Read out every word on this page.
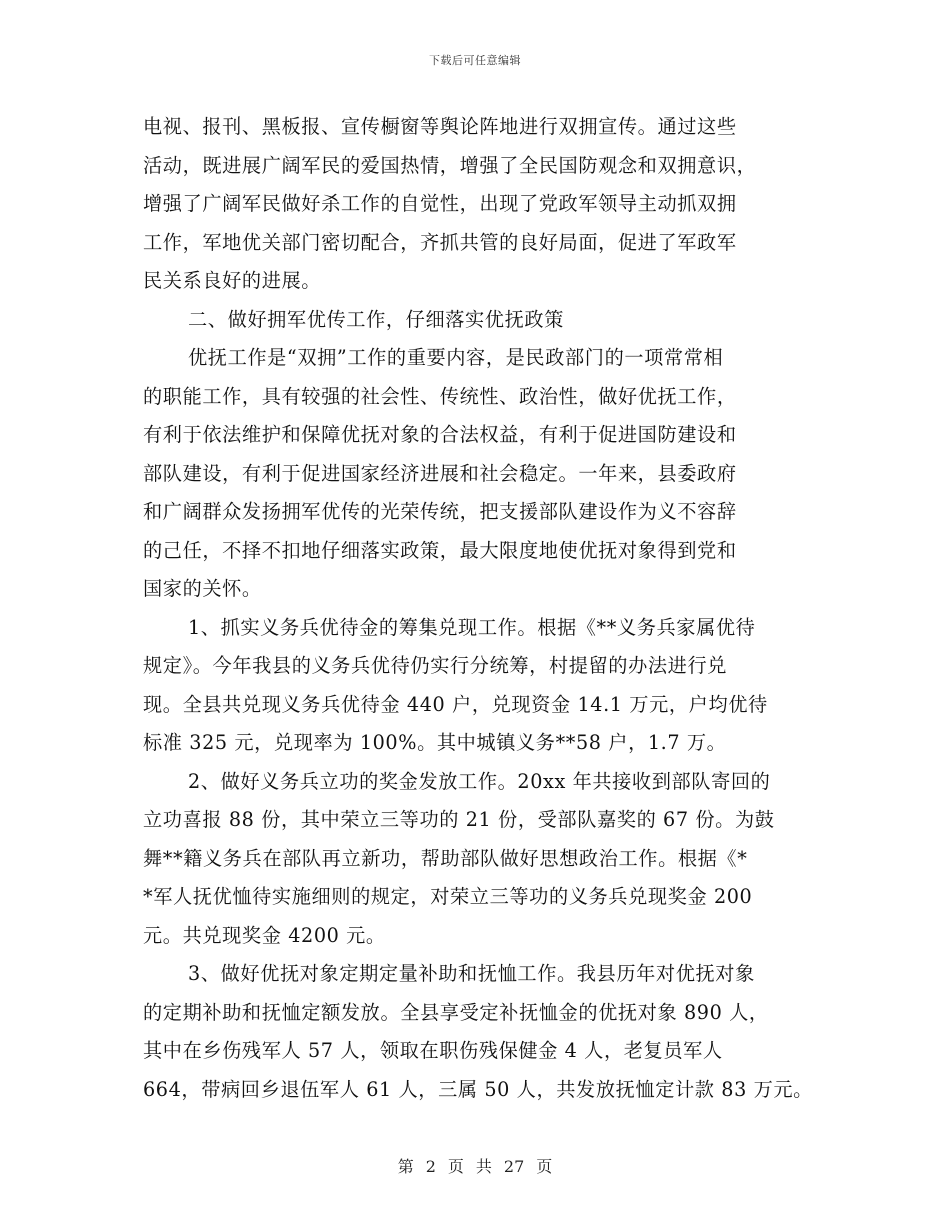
下载后可任意编辑
电视、报刊、黑板报、宣传橱窗等舆论阵地进行双拥宣传。通过这些
活动，既进展广阔军民的爱国热情，增强了全民国防观念和双拥意识，
增强了广阔军民做好杀工作的自觉性，出现了党政军领导主动抓双拥
工作，军地优关部门密切配合，齐抓共管的良好局面，促进了军政军
民关系良好的进展。
二、做好拥军优传工作，仔细落实优抚政策
优抚工作是“双拥”工作的重要内容，是民政部门的一项常常相
的职能工作，具有较强的社会性、传统性、政治性，做好优抚工作，
有利于依法维护和保障优抚对象的合法权益，有利于促进国防建设和
部队建设，有利于促进国家经济进展和社会稳定。一年来，县委政府
和广阔群众发扬拥军优传的光荣传统，把支援部队建设作为义不容辞
的己任，不择不扣地仔细落实政策，最大限度地使优抚对象得到党和
国家的关怀。
1、抓实义务兵优待金的筹集兑现工作。根据《**义务兵家属优待
规定》。今年我县的义务兵优待仍实行分统筹，村提留的办法进行兑
现。全县共兑现义务兵优待金 440 户，兑现资金 14.1 万元，户均优待
标准 325 元，兑现率为 100%。其中城镇义务**58 户，1.7 万。
2、做好义务兵立功的奖金发放工作。20xx 年共接收到部队寄回的
立功喜报 88 份，其中荣立三等功的 21 份，受部队嘉奖的 67 份。为鼓
舞**籍义务兵在部队再立新功，帮助部队做好思想政治工作。根据《*
*军人抚优恤待实施细则的规定，对荣立三等功的义务兵兑现奖金 200
元。共兑现奖金 4200 元。
3、做好优抚对象定期定量补助和抚恤工作。我县历年对优抚对象
的定期补助和抚恤定额发放。全县享受定补抚恤金的优抚对象 890 人，
其中在乡伤残军人 57 人，领取在职伤残保健金 4 人，老复员军人
664，带病回乡退伍军人 61 人，三属 50 人，共发放抚恤定计款 83 万元。
第 2 页 共 27 页
